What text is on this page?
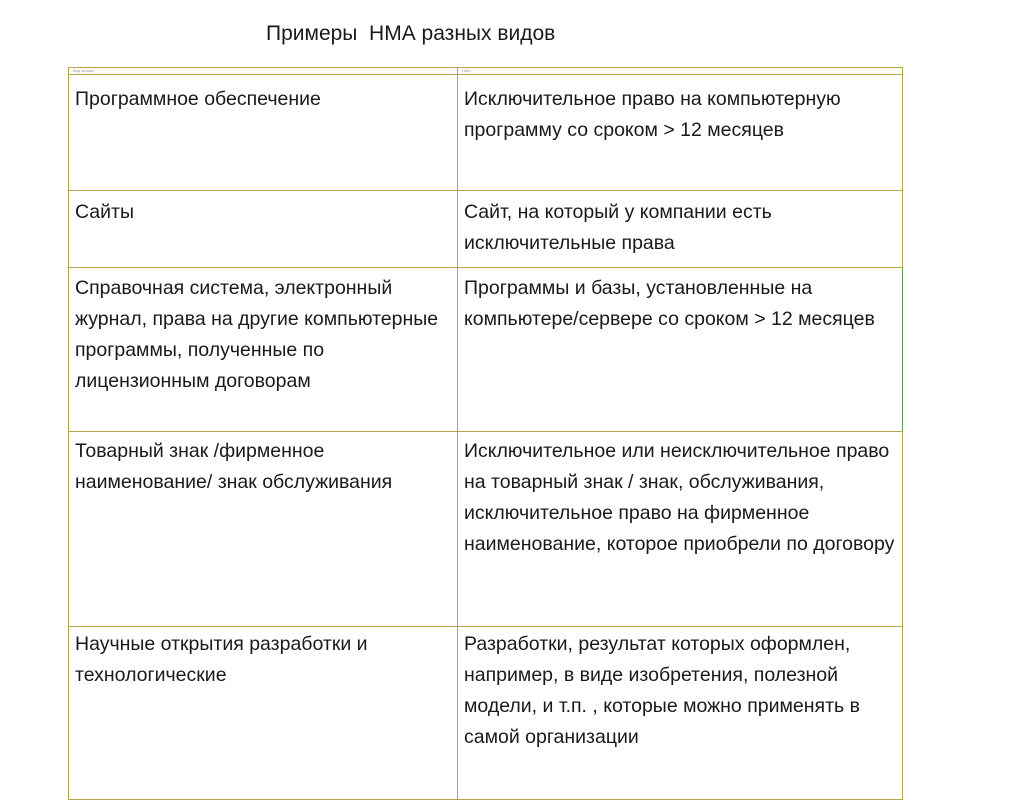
Примеры  НМА разных видов
Вид актива	НМА
Программное обеспечение	Исключительное право на компьютерную программу со сроком > 12 месяцев
Сайты	Сайт, на который у компании есть исключительные права
Справочная система, электронный журнал, права на другие компьютерные программы, полученные по лицензионным договорам	Программы и базы, установленные на компьютере/сервере со сроком > 12 месяцев
Товарный знак /фирменное наименование/ знак обслуживания	Исключительное или неисключительное право на товарный знак / знак, обслуживания, исключительное право на фирменное наименование, которое приобрели по договору
Научные открытия разработки и технологические	Разработки, результат которых оформлен, например, в виде изобретения, полезной модели, и т.п. , которые можно применять в самой организации
